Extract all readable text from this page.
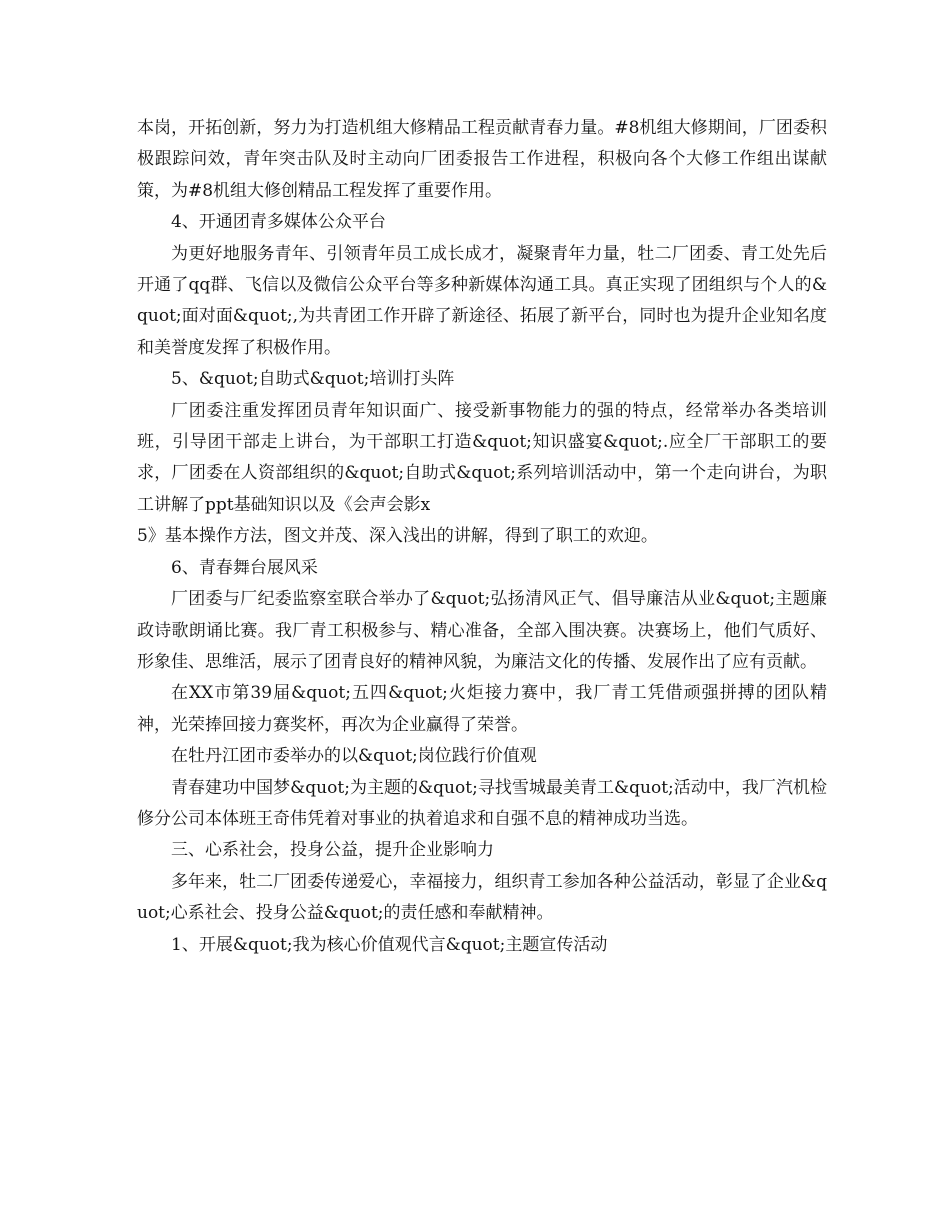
本岗，开拓创新，努力为打造机组大修精品工程贡献青春力量。#8机组大修期间，厂团委积极跟踪问效，青年突击队及时主动向厂团委报告工作进程，积极向各个大修工作组出谋献策，为#8机组大修创精品工程发挥了重要作用。

4、开通团青多媒体公众平台

为更好地服务青年、引领青年员工成长成才，凝聚青年力量，牡二厂团委、青工处先后开通了qq群、飞信以及微信公众平台等多种新媒体沟通工具。真正实现了团组织与个人的&quot;面对面&quot;,为共青团工作开辟了新途径、拓展了新平台，同时也为提升企业知名度和美誉度发挥了积极作用。

5、&quot;自助式&quot;培训打头阵

厂团委注重发挥团员青年知识面广、接受新事物能力的强的特点，经常举办各类培训班，引导团干部走上讲台，为干部职工打造&quot;知识盛宴&quot;.应全厂干部职工的要求，厂团委在人资部组织的&quot;自助式&quot;系列培训活动中，第一个走向讲台，为职工讲解了ppt基础知识以及《会声会影x

5》基本操作方法，图文并茂、深入浅出的讲解，得到了职工的欢迎。

6、青春舞台展风采

厂团委与厂纪委监察室联合举办了&quot;弘扬清风正气、倡导廉洁从业&quot;主题廉政诗歌朗诵比赛。我厂青工积极参与、精心准备，全部入围决赛。决赛场上，他们气质好、形象佳、思维活，展示了团青良好的精神风貌，为廉洁文化的传播、发展作出了应有贡献。

在XX市第39届&quot;五四&quot;火炬接力赛中，我厂青工凭借顽强拼搏的团队精神，光荣捧回接力赛奖杯，再次为企业赢得了荣誉。

在牡丹江团市委举办的以&quot;岗位践行价值观

青春建功中国梦&quot;为主题的&quot;寻找雪城最美青工&quot;活动中，我厂汽机检修分公司本体班王奇伟凭着对事业的执着追求和自强不息的精神成功当选。

三、心系社会，投身公益，提升企业影响力

多年来，牡二厂团委传递爱心，幸福接力，组织青工参加各种公益活动，彰显了企业&quot;心系社会、投身公益&quot;的责任感和奉献精神。

1、开展&quot;我为核心价值观代言&quot;主题宣传活动
